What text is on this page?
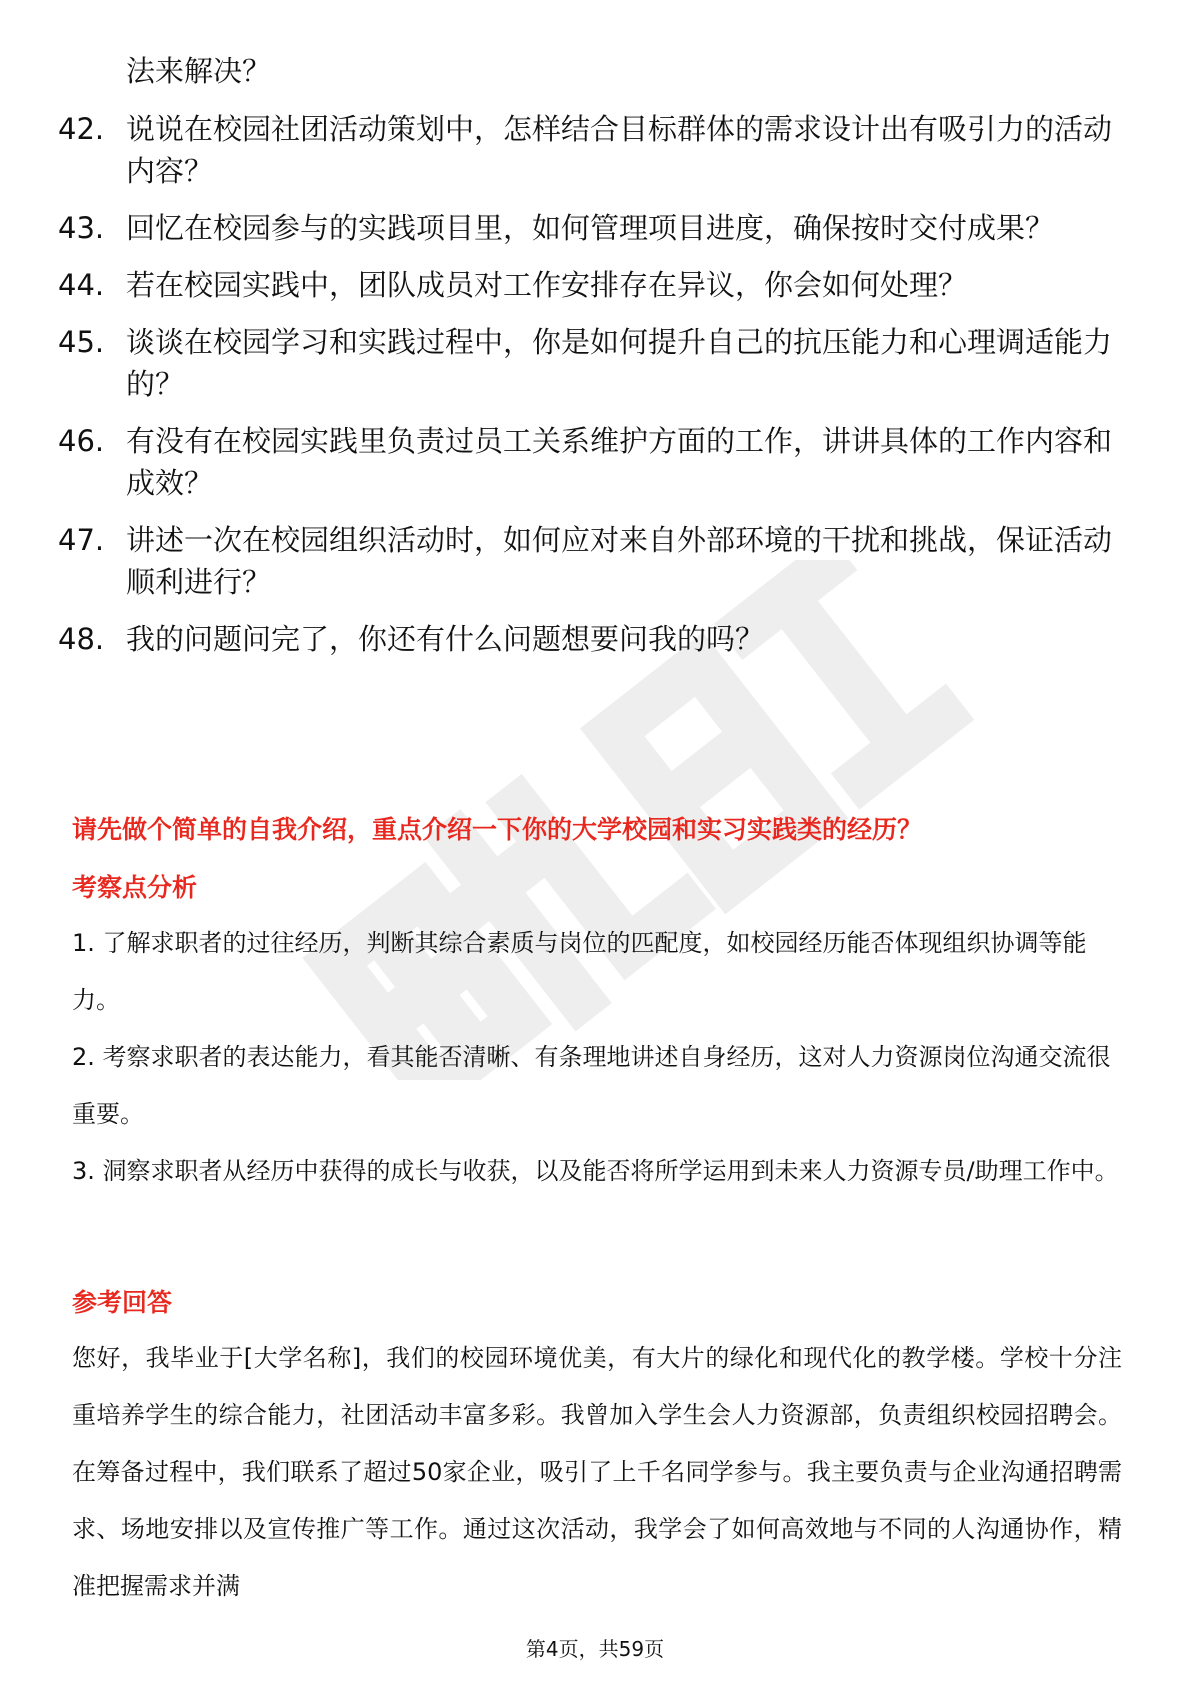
法来解决？
42. 说说在校园社团活动策划中，怎样结合目标群体的需求设计出有吸引力的活动内容？
43. 回忆在校园参与的实践项目里，如何管理项目进度，确保按时交付成果？
44. 若在校园实践中，团队成员对工作安排存在异议，你会如何处理？
45. 谈谈在校园学习和实践过程中，你是如何提升自己的抗压能力和心理调适能力的？
46. 有没有在校园实践里负责过员工关系维护方面的工作，讲讲具体的工作内容和成效？
47. 讲述一次在校园组织活动时，如何应对来自外部环境的干扰和挑战，保证活动顺利进行？
48. 我的问题问完了，你还有什么问题想要问我的吗？
请先做个简单的自我介绍，重点介绍一下你的大学校园和实习实践类的经历？
考察点分析
1. 了解求职者的过往经历，判断其综合素质与岗位的匹配度，如校园经历能否体现组织协调等能力。
2. 考察求职者的表达能力，看其能否清晰、有条理地讲述自身经历，这对人力资源岗位沟通交流很重要。
3. 洞察求职者从经历中获得的成长与收获，以及能否将所学运用到未来人力资源专员/助理工作中。
参考回答

您好，我毕业于[大学名称]，我们的校园环境优美，有大片的绿化和现代化的教学楼。学校十分注重培养学生的综合能力，社团活动丰富多彩。我曾加入学生会人力资源部，负责组织校园招聘会。在筹备过程中，我们联系了超过50家企业，吸引了上千名同学参与。我主要负责与企业沟通招聘需求、场地安排以及宣传推广等工作。通过这次活动，我学会了如何高效地与不同的人沟通协作，精准把握需求并满

第4页，共59页
